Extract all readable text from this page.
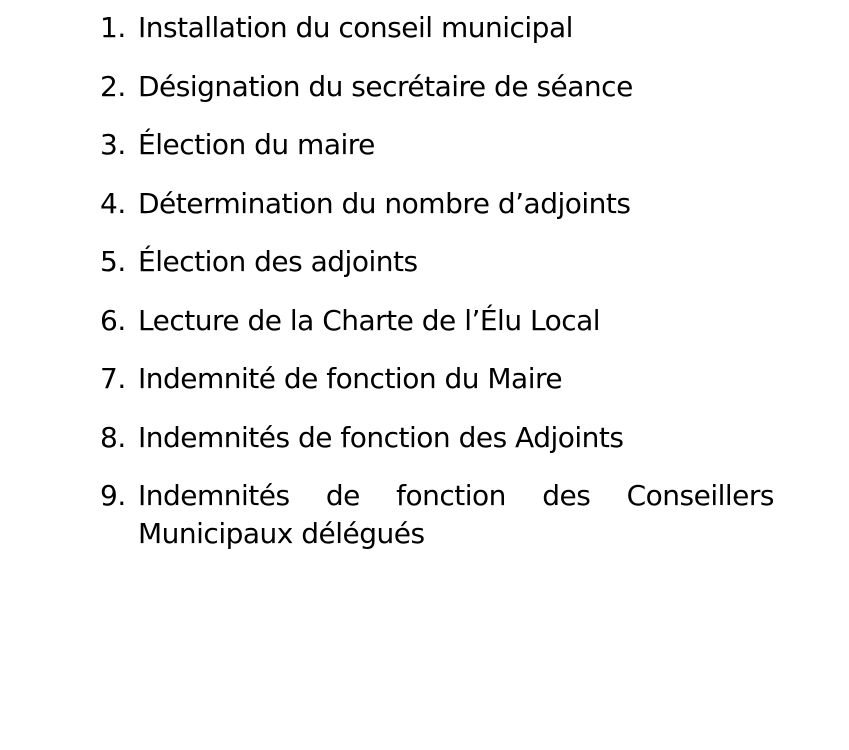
1. Installation du conseil municipal
2. Désignation du secrétaire de séance
3. Élection du maire
4. Détermination du nombre d’adjoints
5. Élection des adjoints
6. Lecture de la Charte de l’Élu Local
7. Indemnité de fonction du Maire
8. Indemnités de fonction des Adjoints
9. Indemnités de fonction des Conseillers Municipaux délégués
